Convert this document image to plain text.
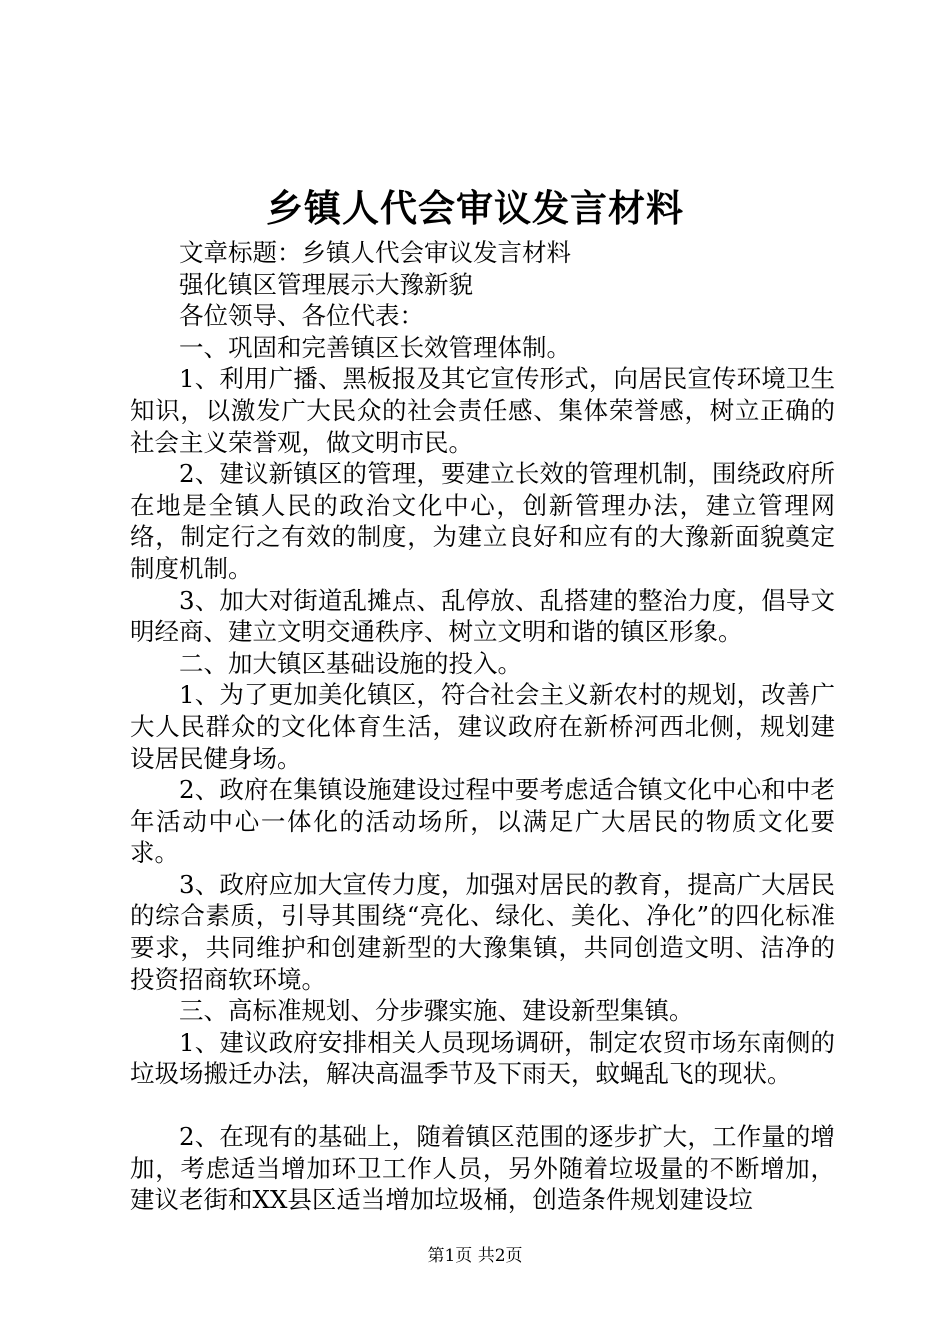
乡镇人代会审议发言材料

文章标题：乡镇人代会审议发言材料

强化镇区管理展示大豫新貌

各位领导、各位代表：

一、巩固和完善镇区长效管理体制。

1、利用广播、黑板报及其它宣传形式，向居民宣传环境卫生知识，以激发广大民众的社会责任感、集体荣誉感，树立正确的社会主义荣誉观，做文明市民。

2、建议新镇区的管理，要建立长效的管理机制，围绕政府所在地是全镇人民的政治文化中心，创新管理办法，建立管理网络，制定行之有效的制度，为建立良好和应有的大豫新面貌奠定制度机制。

3、加大对街道乱摊点、乱停放、乱搭建的整治力度，倡导文明经商、建立文明交通秩序、树立文明和谐的镇区形象。

二、加大镇区基础设施的投入。

1、为了更加美化镇区，符合社会主义新农村的规划，改善广大人民群众的文化体育生活，建议政府在新桥河西北侧，规划建设居民健身场。

2、政府在集镇设施建设过程中要考虑适合镇文化中心和中老年活动中心一体化的活动场所，以满足广大居民的物质文化要求。

3、政府应加大宣传力度，加强对居民的教育，提高广大居民的综合素质，引导其围绕“亮化、绿化、美化、净化”的四化标准要求，共同维护和创建新型的大豫集镇，共同创造文明、洁净的投资招商软环境。

三、高标准规划、分步骤实施、建设新型集镇。

1、建议政府安排相关人员现场调研，制定农贸市场东南侧的垃圾场搬迁办法，解决高温季节及下雨天，蚊蝇乱飞的现状。

2、在现有的基础上，随着镇区范围的逐步扩大，工作量的增加，考虑适当增加环卫工作人员，另外随着垃圾量的不断增加，建议老街和XX县区适当增加垃圾桶，创造条件规划建设垃

第1页 共2页
